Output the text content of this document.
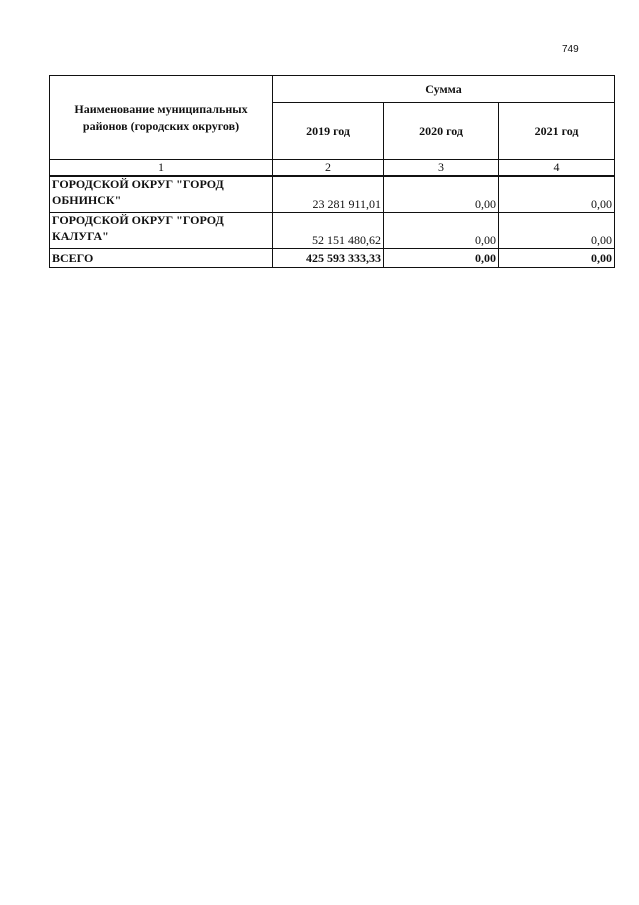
749
Наименование муниципальных районов (городских округов)	Сумма		
	2019 год	2020 год	2021 год
1	2	3	4
ГОРОДСКОЙ ОКРУГ "ГОРОД ОБНИНСК"	23 281 911,01	0,00	0,00
ГОРОДСКОЙ ОКРУГ "ГОРОД КАЛУГА"	52 151 480,62	0,00	0,00
ВСЕГО	425 593 333,33	0,00	0,00
